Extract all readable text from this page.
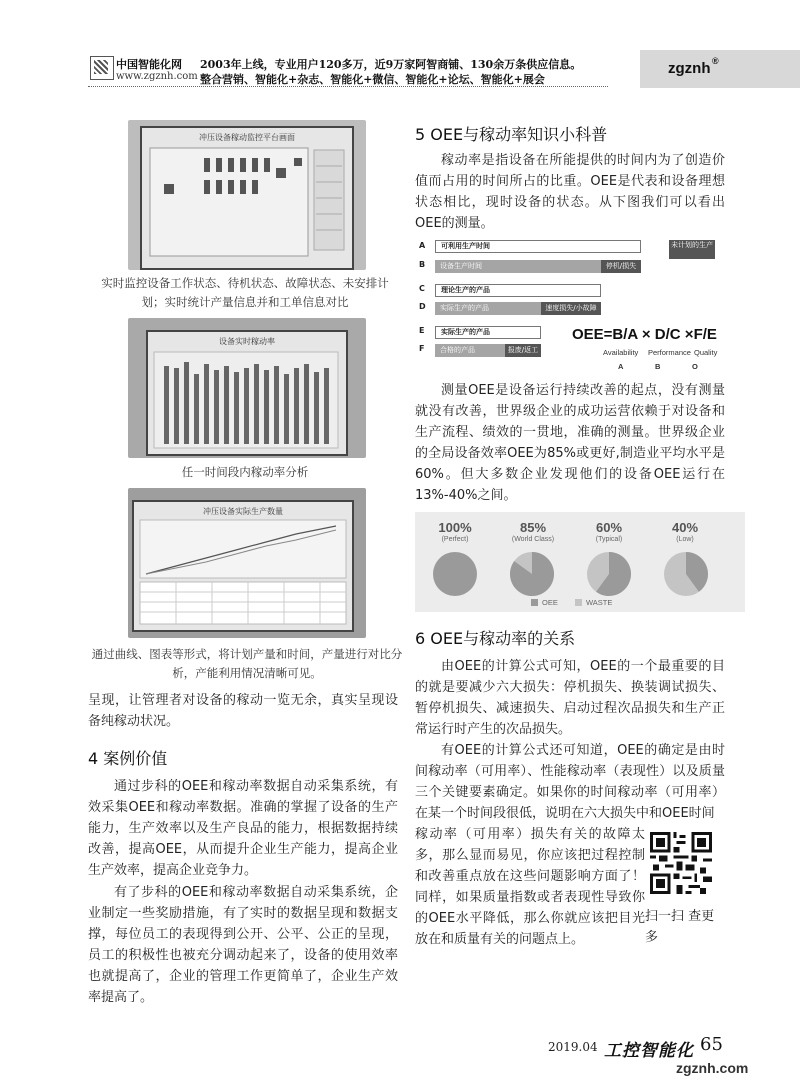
中国智能化网
www.zgznh.com
2003年上线，专业用户120多万，近9万家阿智商铺、130余万条供应信息。
整合营销、智能化+杂志、智能化+微信、智能化+论坛、智能化+展会
zgznh ®
冲压设备稼动监控平台画面
实时监控设备工作状态、待机状态、故障状态、未安排计划；实时统计产量信息并和工单信息对比
设备实时稼动率
任一时间段内稼动率分析
冲压设备实际生产数量
通过曲线、图表等形式，将计划产量和时间，产量进行对比分析，产能利用情况清晰可见。
呈现，让管理者对设备的稼动一览无余，真实呈现设备纯稼动状况。
4 案例价值
通过步科的OEE和稼动率数据自动采集系统，有效采集OEE和稼动率数据。准确的掌握了设备的生产能力，生产效率以及生产良品的能力，根据数据持续改善，提高OEE，从而提升企业生产能力，提高企业生产效率，提高企业竞争力。
有了步科的OEE和稼动率数据自动采集系统，企业制定一些奖励措施，有了实时的数据呈现和数据支撑，每位员工的表现得到公开、公平、公正的呈现，员工的积极性也被充分调动起来了，设备的使用效率也就提高了，企业的管理工作更简单了，企业生产效率提高了。
5 OEE与稼动率知识小科普
稼动率是指设备在所能提供的时间内为了创造价值而占用的时间所占的比重。OEE是代表和设备理想状态相比，现时设备的状态。从下图我们可以看出OEE的测量。
A	可利用生产时间	未计划的生产
B	设备生产时间	停机/损失
C	理论生产的产品
D	实际生产的产品	速度损失/小故障
E	实际生产的产品
F	合格的产品	报废/返工
OEE=B/A × D/C ×F/E
Availability Performance Quality
A	B	O
测量OEE是设备运行持续改善的起点，没有测量就没有改善，世界级企业的成功运营依赖于对设备和生产流程、绩效的一贯地，准确的测量。世界级企业的全局设备效率OEE为85%或更好,制造业平均水平是60%。但大多数企业发现他们的设备OEE运行在13%-40%之间。
100%
(Perfect)
85%
(World Class)
60%
(Typical)
40%
(Low)
OEE	WASTE
6 OEE与稼动率的关系
由OEE的计算公式可知，OEE的一个最重要的目的就是要减少六大损失：停机损失、换装调试损失、暂停机损失、减速损失、启动过程次品损失和生产正常运行时产生的次品损失。
有OEE的计算公式还可知道，OEE的确定是由时间稼动率（可用率）、性能稼动率（表现性）以及质量三个关键要素确定。如果你的时间稼动率（可用率）在某一个时间段很低，说明在六大损失中和OEE时间
稼动率（可用率）损失有关的故障太多，那么显而易见，你应该把过程控制和改善重点放在这些问题影响方面了！同样，如果质量指数或者表现性导致你的OEE水平降低，那么你就应该把目光放在和质量有关的问题点上。
扫一扫 查更多
2019.04 工控智能化 65
zgznh.com
